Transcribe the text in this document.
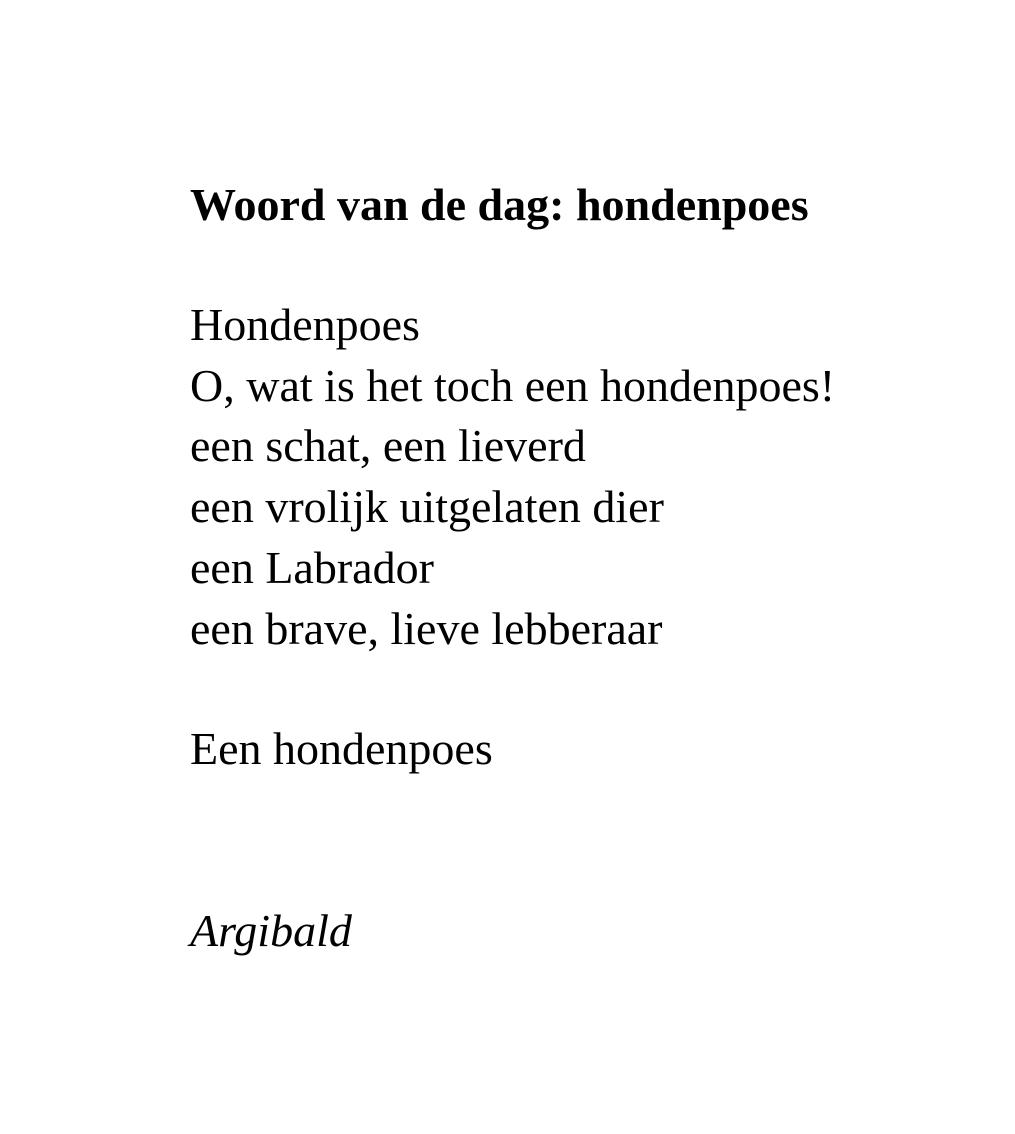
Woord van de dag: hondenpoes

Hondenpoes

O, wat is het toch een hondenpoes!

een schat, een lieverd

een vrolijk uitgelaten dier

een Labrador

een brave, lieve lebberaar

Een hondenpoes

Argibald
